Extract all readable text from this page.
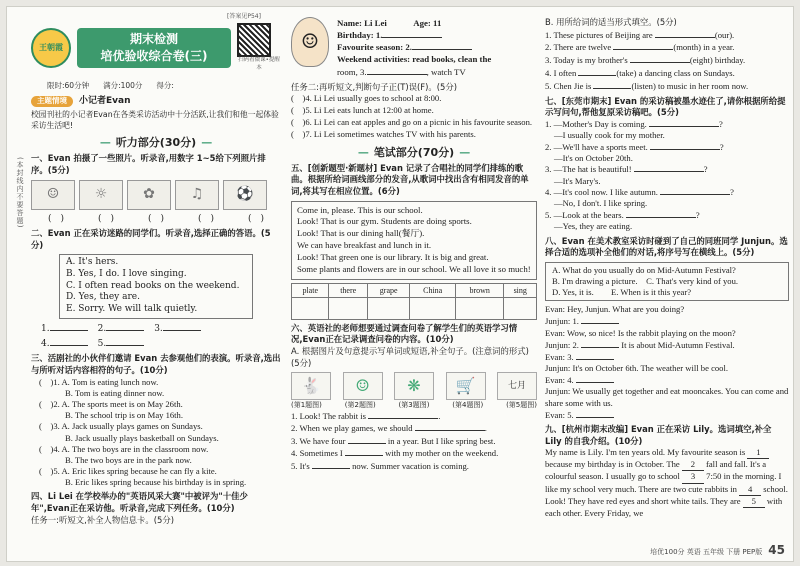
(本封线内不要答题)
[答案见P54]
王朝霞
期末检测
培优验收综合卷(三)	扫码看微课•提醒本
限时:60分钟 满分:100分 得分:
主题情境	小记者Evan
校园刊社的小记者Evan在各类采访活动中十分活跃,让我们和他一起体验采访生活吧!
— 听力部分(30分) —
一、Evan 拍摄了一些照片。听录音,用数字 1~5给下列照片排序。(5分)
☺	☼	✿	♫	⚽
(　)	(　)	(　)	(　)	(　)
二、Evan 正在采访迷路的同学们。听录音,选择正确的答语。(5分)
A. It's hers.
B. Yes, I do. I love singing.
C. I often read books on the weekend.
D. Yes, they are.
E. Sorry. We will talk quietly.
1.	2.	3.
4.	5.
三、活剧社的小伙伴们邀请 Evan 去参观他们的表演。听录音,选出与所听对话内容相符的句子。(10分)
(　)1. A. Tom is eating lunch now.
B. Tom is eating dinner now.
(　)2. A. The sports meet is on May 26th.
B. The school trip is on May 16th.
(　)3. A. Jack usually plays games on Sundays.
B. Jack usually plays basketball on Sundays.
(　)4. A. The two boys are in the classroom now.
B. The two boys are in the park now.
(　)5. A. Eric likes spring because he can fly a kite.
B. Eric likes spring because his birthday is in spring.
四、Li Lei 在学校举办的"英语风采大赛"中被评为"十佳少年",Evan正在采访他。听录音,完成下列任务。(10分)
任务一:听短文,补全人物信息卡。(5分)
☺
Name: Li Lei　　　	Age: 11
Birthday: 1.
Favourite season: 2.
Weekend activities: read books, clean the
room, 3.	, watch TV
任务二:再听短文,判断句子正(T)误(F)。(5分)
(　)4. Li Lei usually goes to school at 8:00.
(　)5. Li Lei eats lunch at 12:00 at home.
(　)6. Li Lei can eat apples and go on a picnic in his favourite season.
(　)7. Li Lei sometimes watches TV with his parents.
— 笔试部分(70分) —
五、[创新题型·新题材] Evan 记录了合唱社的同学们排练的歌曲。根据所给词画线部分的发音,从歌词中找出含有相同发音的单词,将其写在相应位置。(6分)
Come in, please. This is our school.
Look! That is our gym. Students are doing sports.
Look! That is our dining hall(餐厅).
We can have breakfast and lunch in it.
Look! That green one is our library. It is big and great.
Some plants and flowers are in our school. We all love it so much!
plate	there	grape	China	brown	sing

六、英语社的老师想要通过调查问卷了解学生们的英语学习情况,Evan正在记录调查问卷的内容。(10分)
A. 根据图片及句意提示写单词或短语,补全句子。(注意词的形式)(5分)
🐇	☺	❋	🛒	七月
(第1题图)	(第2题图)	(第3题图)	(第4题图)	(第5题图)
1. Look! The rabbit is	.
2. When we play games, we should	.
3. We have four	in a year. But I like spring best.
4. Sometimes I	with my mother on the weekend.
5. It's	now. Summer vacation is coming.
B. 用所给词的适当形式填空。(5分)
1. These pictures of Beijing are	(our).
2. There are twelve	(month) in a year.
3. Today is my brother's	(eight) birthday.
4. I often	(take) a dancing class on Sundays.
5. Chen Jie is	(listen) to music in her room now.
七、[东莞市期末] Evan 的采访稿被墨水迹住了,请你根据所给提示写问句,帮他复原采访稿吧。(5分)
1. —Mother's Day is coming.	?
—I usually cook for my mother.
2. —We'll have a sports meet.	?
—It's on October 20th.
3. —The hat is beautiful!	?
—It's Mary's.
4. —It's cool now. I like autumn.	?
—No, I don't. I like spring.
5. —Look at the bears.	?
—Yes, they are eating.
八、Evan 在美术教室采访时碰到了自己的同班同学 Junjun。选择合适的选项补全他们的对话,将序号写在横线上。(5分)
A. What do you usually do on Mid-Autumn Festival?
B. I'm drawing a picture.　 C. That's very kind of you.
D. Yes, it is.　　 E. When is it this year?
Evan: Hey, Junjun. What are you doing?
Junjun: 1.
Evan: Wow, so nice! Is the rabbit playing on the moon?
Junjun: 2.	It is about Mid-Autumn Festival.
Evan: 3.
Junjun: It's on October 6th. The weather will be cool.
Evan: 4.
Junjun: We usually get together and eat mooncakes. You can come and share some with us.
Evan: 5.
九、[杭州市期末改编] Evan 正在采访 Lily。选词填空,补全 Lily 的自我介绍。(10分)
My name is Lily. I'm ten years old. My favourite season is 1 because my birthday is in October. The 2 fall and fall. It's a colourful season. I usually go to school 3 7:50 in the morning. I like my school very much. There are two cute rabbits in 4 school. Look! They have red eyes and short white tails. They are 5 with each other. Every Friday, we
培优100分 英语 五年级 下册 PEP版 45
